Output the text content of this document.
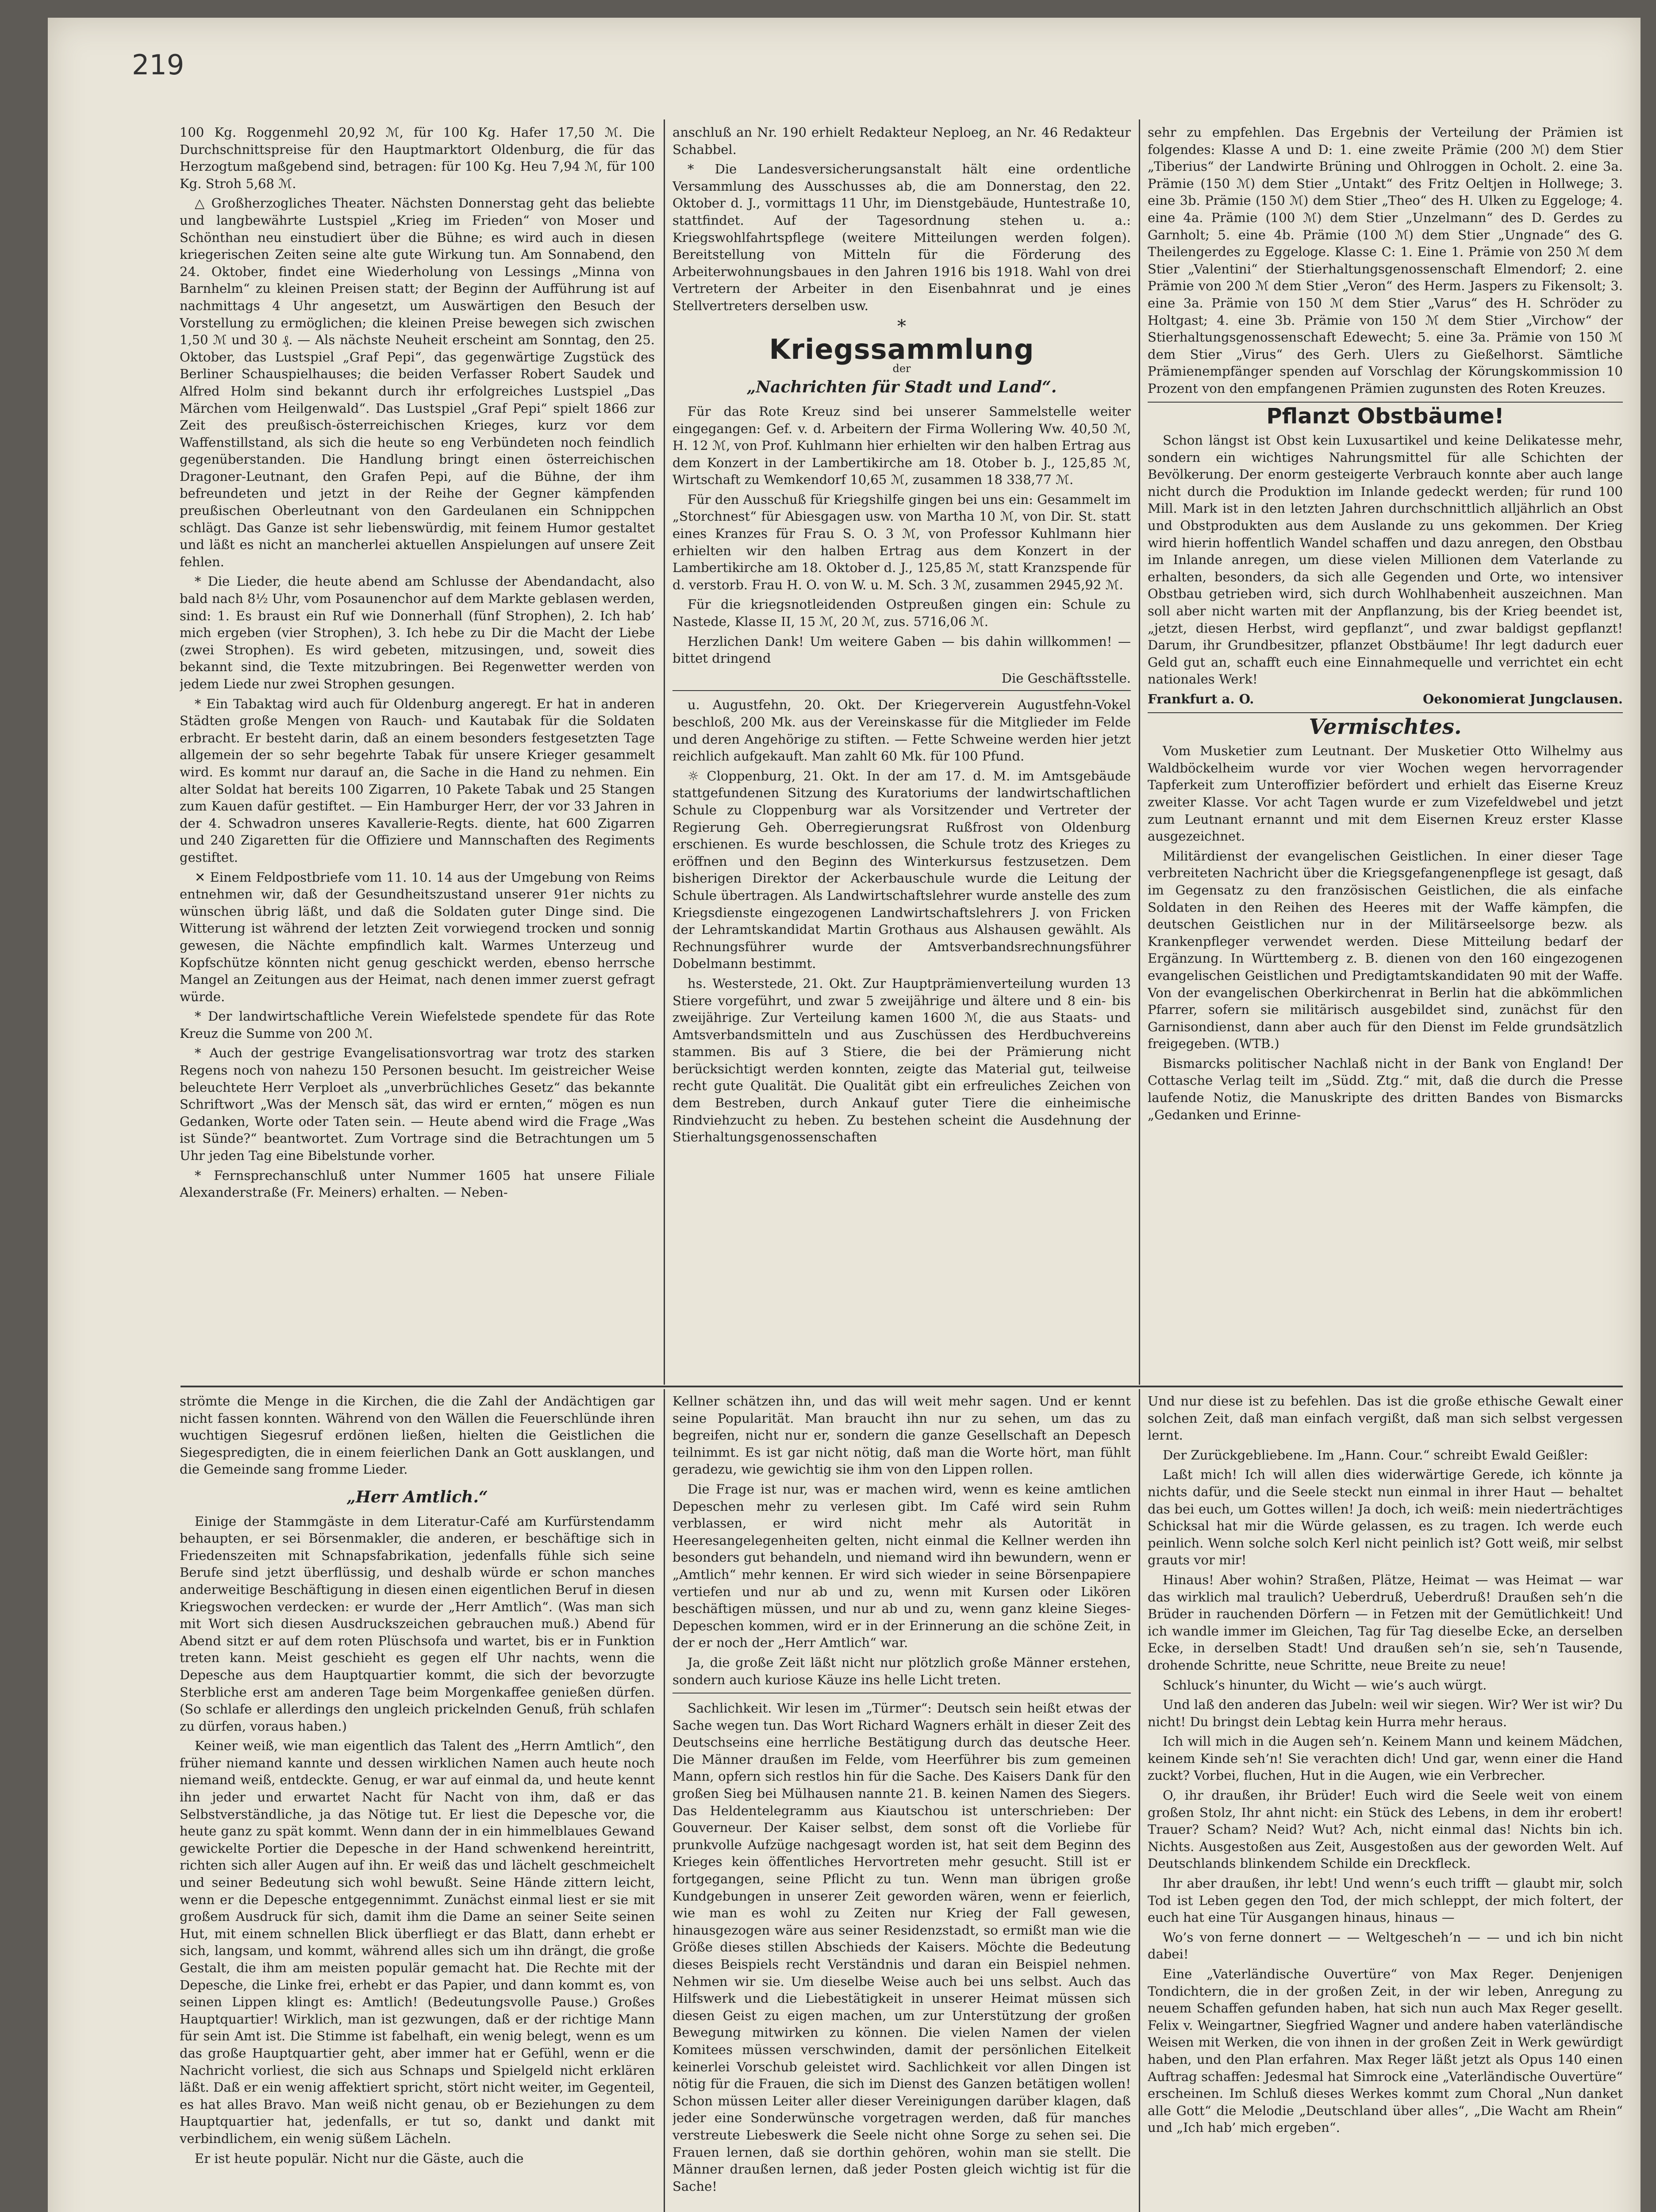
219

100 Kg. Roggenmehl 20,92 ℳ, für 100 Kg. Hafer 17,50 ℳ. Die Durchschnittspreise für den Hauptmarktort Oldenburg, die für das Herzogtum maßgebend sind, betragen: für 100 Kg. Heu 7,94 ℳ, für 100 Kg. Stroh 5,68 ℳ.

△ Großherzogliches Theater. Nächsten Donnerstag geht das beliebte und langbewährte Lustspiel „Krieg im Frieden“ von Moser und Schönthan neu einstudiert über die Bühne; es wird auch in diesen kriegerischen Zeiten seine alte gute Wirkung tun. Am Sonnabend, den 24. Oktober, findet eine Wiederholung von Lessings „Minna von Barnhelm“ zu kleinen Preisen statt; der Beginn der Aufführung ist auf nachmittags 4 Uhr angesetzt, um Auswärtigen den Besuch der Vorstellung zu ermöglichen; die kleinen Preise bewegen sich zwischen 1,50 ℳ und 30 ₰. — Als nächste Neuheit erscheint am Sonntag, den 25. Oktober, das Lustspiel „Graf Pepi“, das gegenwärtige Zugstück des Berliner Schauspielhauses; die beiden Verfasser Robert Saudek und Alfred Holm sind bekannt durch ihr erfolgreiches Lustspiel „Das Märchen vom Heilgenwald“. Das Lustspiel „Graf Pepi“ spielt 1866 zur Zeit des preußisch-österreichischen Krieges, kurz vor dem Waffenstillstand, als sich die heute so eng Verbündeten noch feindlich gegenüberstanden. Die Handlung bringt einen österreichischen Dragoner-Leutnant, den Grafen Pepi, auf die Bühne, der ihm befreundeten und jetzt in der Reihe der Gegner kämpfenden preußischen Oberleutnant von den Gardeulanen ein Schnippchen schlägt. Das Ganze ist sehr liebenswürdig, mit feinem Humor gestaltet und läßt es nicht an mancherlei aktuellen Anspielungen auf unsere Zeit fehlen.

* Die Lieder, die heute abend am Schlusse der Abendandacht, also bald nach 8½ Uhr, vom Posaunenchor auf dem Markte geblasen werden, sind: 1. Es braust ein Ruf wie Donnerhall (fünf Strophen), 2. Ich hab’ mich ergeben (vier Strophen), 3. Ich hebe zu Dir die Macht der Liebe (zwei Strophen). Es wird gebeten, mitzusingen, und, soweit dies bekannt sind, die Texte mitzubringen. Bei Regenwetter werden von jedem Liede nur zwei Strophen gesungen.

* Ein Tabaktag wird auch für Oldenburg angeregt. Er hat in anderen Städten große Mengen von Rauch- und Kautabak für die Soldaten erbracht. Er besteht darin, daß an einem besonders festgesetzten Tage allgemein der so sehr begehrte Tabak für unsere Krieger gesammelt wird. Es kommt nur darauf an, die Sache in die Hand zu nehmen. Ein alter Soldat hat bereits 100 Zigarren, 10 Pakete Tabak und 25 Stangen zum Kauen dafür gestiftet. — Ein Hamburger Herr, der vor 33 Jahren in der 4. Schwadron unseres Kavallerie-Regts. diente, hat 600 Zigarren und 240 Zigaretten für die Offiziere und Mannschaften des Regiments gestiftet.

✕ Einem Feldpostbriefe vom 11. 10. 14 aus der Umgebung von Reims entnehmen wir, daß der Gesundheitszustand unserer 91er nichts zu wünschen übrig läßt, und daß die Soldaten guter Dinge sind. Die Witterung ist während der letzten Zeit vorwiegend trocken und sonnig gewesen, die Nächte empfindlich kalt. Warmes Unterzeug und Kopfschütze könnten nicht genug geschickt werden, ebenso herrsche Mangel an Zeitungen aus der Heimat, nach denen immer zuerst gefragt würde.

* Der landwirtschaftliche Verein Wiefelstede spendete für das Rote Kreuz die Summe von 200 ℳ.

* Auch der gestrige Evangelisationsvortrag war trotz des starken Regens noch von nahezu 150 Personen besucht. Im geistreicher Weise beleuchtete Herr Verploet als „unverbrüchliches Gesetz“ das bekannte Schriftwort „Was der Mensch sät, das wird er ernten,“ mögen es nun Gedanken, Worte oder Taten sein. — Heute abend wird die Frage „Was ist Sünde?“ beantwortet. Zum Vortrage sind die Betrachtungen um 5 Uhr jeden Tag eine Bibelstunde vorher.

* Fernsprechanschluß unter Nummer 1605 hat unsere Filiale Alexanderstraße (Fr. Meiners) erhalten. — Neben-

anschluß an Nr. 190 erhielt Redakteur Neploeg, an Nr. 46 Redakteur Schabbel.

* Die Landesversicherungsanstalt hält eine ordentliche Versammlung des Ausschusses ab, die am Donnerstag, den 22. Oktober d. J., vormittags 11 Uhr, im Dienstgebäude, Huntestraße 10, stattfindet. Auf der Tagesordnung stehen u. a.: Kriegswohlfahrtspflege (weitere Mitteilungen werden folgen). Bereitstellung von Mitteln für die Förderung des Arbeiterwohnungsbaues in den Jahren 1916 bis 1918. Wahl von drei Vertretern der Arbeiter in den Eisenbahnrat und je eines Stellvertreters derselben usw.

*
Kriegssammlung
der
„Nachrichten für Stadt und Land“.

Für das Rote Kreuz sind bei unserer Sammelstelle weiter eingegangen: Gef. v. d. Arbeitern der Firma Wollering Ww. 40,50 ℳ, H. 12 ℳ, von Prof. Kuhlmann hier erhielten wir den halben Ertrag aus dem Konzert in der Lambertikirche am 18. Otober b. J., 125,85 ℳ, Wirtschaft zu Wemkendorf 10,65 ℳ, zusammen 18 338,77 ℳ.

Für den Ausschuß für Kriegshilfe gingen bei uns ein: Gesammelt im „Storchnest“ für Abiesgagen usw. von Martha 10 ℳ, von Dir. St. statt eines Kranzes für Frau S. O. 3 ℳ, von Professor Kuhlmann hier erhielten wir den halben Ertrag aus dem Konzert in der Lambertikirche am 18. Oktober d. J., 125,85 ℳ, statt Kranzspende für d. verstorb. Frau H. O. von W. u. M. Sch. 3 ℳ, zusammen 2945,92 ℳ.

Für die kriegsnotleidenden Ostpreußen gingen ein: Schule zu Nastede, Klasse II, 15 ℳ, 20 ℳ, zus. 5716,06 ℳ.

Herzlichen Dank! Um weitere Gaben — bis dahin willkommen! — bittet dringend

Die Geschäftsstelle.

u. Augustfehn, 20. Okt. Der Kriegerverein Augustfehn-Vokel beschloß, 200 Mk. aus der Vereinskasse für die Mitglieder im Felde und deren Angehörige zu stiften. — Fette Schweine werden hier jetzt reichlich aufgekauft. Man zahlt 60 Mk. für 100 Pfund.

☼ Cloppenburg, 21. Okt. In der am 17. d. M. im Amtsgebäude stattgefundenen Sitzung des Kuratoriums der landwirtschaftlichen Schule zu Cloppenburg war als Vorsitzender und Vertreter der Regierung Geh. Oberregierungsrat Rußfrost von Oldenburg erschienen. Es wurde beschlossen, die Schule trotz des Krieges zu eröffnen und den Beginn des Winterkursus festzusetzen. Dem bisherigen Direktor der Ackerbauschule wurde die Leitung der Schule übertragen. Als Landwirtschaftslehrer wurde anstelle des zum Kriegsdienste eingezogenen Landwirtschaftslehrers J. von Fricken der Lehramtskandidat Martin Grothaus aus Alshausen gewählt. Als Rechnungsführer wurde der Amtsverbandsrechnungsführer Dobelmann bestimmt.

hs. Westerstede, 21. Okt. Zur Hauptprämienverteilung wurden 13 Stiere vorgeführt, und zwar 5 zweijährige und ältere und 8 ein- bis zweijährige. Zur Verteilung kamen 1600 ℳ, die aus Staats- und Amtsverbandsmitteln und aus Zuschüssen des Herdbuchvereins stammen. Bis auf 3 Stiere, die bei der Prämierung nicht berücksichtigt werden konnten, zeigte das Material gut, teilweise recht gute Qualität. Die Qualität gibt ein erfreuliches Zeichen von dem Bestreben, durch Ankauf guter Tiere die einheimische Rindviehzucht zu heben. Zu bestehen scheint die Ausdehnung der Stierhaltungsgenossenschaften

sehr zu empfehlen. Das Ergebnis der Verteilung der Prämien ist folgendes: Klasse A und D: 1. eine zweite Prämie (200 ℳ) dem Stier „Tiberius“ der Landwirte Brüning und Ohlroggen in Ocholt. 2. eine 3a. Prämie (150 ℳ) dem Stier „Untakt“ des Fritz Oeltjen in Hollwege; 3. eine 3b. Prämie (150 ℳ) dem Stier „Theo“ des H. Ulken zu Eggeloge; 4. eine 4a. Prämie (100 ℳ) dem Stier „Unzelmann“ des D. Gerdes zu Garnholt; 5. eine 4b. Prämie (100 ℳ) dem Stier „Ungnade“ des G. Theilengerdes zu Eggeloge. Klasse C: 1. Eine 1. Prämie von 250 ℳ dem Stier „Valentini“ der Stierhaltungsgenossenschaft Elmendorf; 2. eine Prämie von 200 ℳ dem Stier „Veron“ des Herm. Jaspers zu Fikensolt; 3. eine 3a. Prämie von 150 ℳ dem Stier „Varus“ des H. Schröder zu Holtgast; 4. eine 3b. Prämie von 150 ℳ dem Stier „Virchow“ der Stierhaltungsgenossenschaft Edewecht; 5. eine 3a. Prämie von 150 ℳ dem Stier „Virus“ des Gerh. Ulers zu Gießelhorst. Sämtliche Prämienempfänger spenden auf Vorschlag der Körungskommission 10 Prozent von den empfangenen Prämien zugunsten des Roten Kreuzes.

Pflanzt Obstbäume!

Schon längst ist Obst kein Luxusartikel und keine Delikatesse mehr, sondern ein wichtiges Nahrungsmittel für alle Schichten der Bevölkerung. Der enorm gesteigerte Verbrauch konnte aber auch lange nicht durch die Produktion im Inlande gedeckt werden; für rund 100 Mill. Mark ist in den letzten Jahren durchschnittlich alljährlich an Obst und Obstprodukten aus dem Auslande zu uns gekommen. Der Krieg wird hierin hoffentlich Wandel schaffen und dazu anregen, den Obstbau im Inlande anregen, um diese vielen Millionen dem Vaterlande zu erhalten, besonders, da sich alle Gegenden und Orte, wo intensiver Obstbau getrieben wird, sich durch Wohlhabenheit auszeichnen. Man soll aber nicht warten mit der Anpflanzung, bis der Krieg beendet ist, „jetzt, diesen Herbst, wird gepflanzt“, und zwar baldigst gepflanzt! Darum, ihr Grundbesitzer, pflanzet Obstbäume! Ihr legt dadurch euer Geld gut an, schafft euch eine Einnahmequelle und verrichtet ein echt nationales Werk!

Frankfurt a. O.	Oekonomierat Jungclausen.
Vermischtes.

Vom Musketier zum Leutnant. Der Musketier Otto Wilhelmy aus Waldböckelheim wurde vor vier Wochen wegen hervorragender Tapferkeit zum Unteroffizier befördert und erhielt das Eiserne Kreuz zweiter Klasse. Vor acht Tagen wurde er zum Vizefeldwebel und jetzt zum Leutnant ernannt und mit dem Eisernen Kreuz erster Klasse ausgezeichnet.

Militärdienst der evangelischen Geistlichen. In einer dieser Tage verbreiteten Nachricht über die Kriegsgefangenenpflege ist gesagt, daß im Gegensatz zu den französischen Geistlichen, die als einfache Soldaten in den Reihen des Heeres mit der Waffe kämpfen, die deutschen Geistlichen nur in der Militärseelsorge bezw. als Krankenpfleger verwendet werden. Diese Mitteilung bedarf der Ergänzung. In Württemberg z. B. dienen von den 160 eingezogenen evangelischen Geistlichen und Predigtamtskandidaten 90 mit der Waffe. Von der evangelischen Oberkirchenrat in Berlin hat die abkömmlichen Pfarrer, sofern sie militärisch ausgebildet sind, zunächst für den Garnisondienst, dann aber auch für den Dienst im Felde grundsätzlich freigegeben. (WTB.)

Bismarcks politischer Nachlaß nicht in der Bank von England! Der Cottasche Verlag teilt im „Südd. Ztg.“ mit, daß die durch die Presse laufende Notiz, die Manuskripte des dritten Bandes von Bismarcks „Gedanken und Erinne-

strömte die Menge in die Kirchen, die die Zahl der Andächtigen gar nicht fassen konnten. Während von den Wällen die Feuerschlünde ihren wuchtigen Siegesruf erdönen ließen, hielten die Geistlichen die Siegespredigten, die in einem feierlichen Dank an Gott ausklangen, und die Gemeinde sang fromme Lieder.

„Herr Amtlich.“

Einige der Stammgäste in dem Literatur-Café am Kurfürstendamm behaupten, er sei Börsenmakler, die anderen, er beschäftige sich in Friedenszeiten mit Schnapsfabrikation, jedenfalls fühle sich seine Berufe sind jetzt überflüssig, und deshalb würde er schon manches anderweitige Beschäftigung in diesen einen eigentlichen Beruf in diesen Kriegswochen verdecken: er wurde der „Herr Amtlich“. (Was man sich mit Wort sich diesen Ausdruckszeichen gebrauchen muß.) Abend für Abend sitzt er auf dem roten Plüschsofa und wartet, bis er in Funktion treten kann. Meist geschieht es gegen elf Uhr nachts, wenn die Depesche aus dem Hauptquartier kommt, die sich der bevorzugte Sterbliche erst am anderen Tage beim Morgenkaffee genießen dürfen. (So schlafe er allerdings den ungleich prickelnden Genuß, früh schlafen zu dürfen, voraus haben.)

Keiner weiß, wie man eigentlich das Talent des „Herrn Amtlich“, den früher niemand kannte und dessen wirklichen Namen auch heute noch niemand weiß, entdeckte. Genug, er war auf einmal da, und heute kennt ihn jeder und erwartet Nacht für Nacht von ihm, daß er das Selbstverständliche, ja das Nötige tut. Er liest die Depesche vor, die heute ganz zu spät kommt. Wenn dann der in ein himmelblaues Gewand gewickelte Portier die Depesche in der Hand schwenkend hereintritt, richten sich aller Augen auf ihn. Er weiß das und lächelt geschmeichelt und seiner Bedeutung sich wohl bewußt. Seine Hände zittern leicht, wenn er die Depesche entgegennimmt. Zunächst einmal liest er sie mit großem Ausdruck für sich, damit ihm die Dame an seiner Seite seinen Hut, mit einem schnellen Blick überfliegt er das Blatt, dann erhebt er sich, langsam, und kommt, während alles sich um ihn drängt, die große Gestalt, die ihm am meisten populär gemacht hat. Die Rechte mit der Depesche, die Linke frei, erhebt er das Papier, und dann kommt es, von seinen Lippen klingt es: Amtlich! (Bedeutungsvolle Pause.) Großes Hauptquartier! Wirklich, man ist gezwungen, daß er der richtige Mann für sein Amt ist. Die Stimme ist fabelhaft, ein wenig belegt, wenn es um das große Hauptquartier geht, aber immer hat er Gefühl, wenn er die Nachricht vorliest, die sich aus Schnaps und Spielgeld nicht erklären läßt. Daß er ein wenig affektiert spricht, stört nicht weiter, im Gegenteil, es hat alles Bravo. Man weiß nicht genau, ob er Beziehungen zu dem Hauptquartier hat, jedenfalls, er tut so, dankt und dankt mit verbindlichem, ein wenig süßem Lächeln.

Er ist heute populär. Nicht nur die Gäste, auch die

Kellner schätzen ihn, und das will weit mehr sagen. Und er kennt seine Popularität. Man braucht ihn nur zu sehen, um das zu begreifen, nicht nur er, sondern die ganze Gesellschaft an Depesch teilnimmt. Es ist gar nicht nötig, daß man die Worte hört, man fühlt geradezu, wie gewichtig sie ihm von den Lippen rollen.

Die Frage ist nur, was er machen wird, wenn es keine amtlichen Depeschen mehr zu verlesen gibt. Im Café wird sein Ruhm verblassen, er wird nicht mehr als Autorität in Heeresangelegenheiten gelten, nicht einmal die Kellner werden ihn besonders gut behandeln, und niemand wird ihn bewundern, wenn er „Amtlich“ mehr kennen. Er wird sich wieder in seine Börsenpapiere vertiefen und nur ab und zu, wenn mit Kursen oder Likören beschäftigen müssen, und nur ab und zu, wenn ganz kleine Sieges-Depeschen kommen, wird er in der Erinnerung an die schöne Zeit, in der er noch der „Herr Amtlich“ war.

Ja, die große Zeit läßt nicht nur plötzlich große Männer erstehen, sondern auch kuriose Käuze ins helle Licht treten.

Sachlichkeit. Wir lesen im „Türmer“: Deutsch sein heißt etwas der Sache wegen tun. Das Wort Richard Wagners erhält in dieser Zeit des Deutschseins eine herrliche Bestätigung durch das deutsche Heer. Die Männer draußen im Felde, vom Heerführer bis zum gemeinen Mann, opfern sich restlos hin für die Sache. Des Kaisers Dank für den großen Sieg bei Mülhausen nannte 21. B. keinen Namen des Siegers. Das Heldentelegramm aus Kiautschou ist unterschrieben: Der Gouverneur. Der Kaiser selbst, dem sonst oft die Vorliebe für prunkvolle Aufzüge nachgesagt worden ist, hat seit dem Beginn des Krieges kein öffentliches Hervortreten mehr gesucht. Still ist er fortgegangen, seine Pflicht zu tun. Wenn man übrigen große Kundgebungen in unserer Zeit geworden wären, wenn er feierlich, wie man es wohl zu Zeiten nur Krieg der Fall gewesen, hinausgezogen wäre aus seiner Residenzstadt, so ermißt man wie die Größe dieses stillen Abschieds der Kaisers. Möchte die Bedeutung dieses Beispiels recht Verständnis und daran ein Beispiel nehmen. Nehmen wir sie. Um dieselbe Weise auch bei uns selbst. Auch das Hilfswerk und die Liebestätigkeit in unserer Heimat müssen sich diesen Geist zu eigen machen, um zur Unterstützung der großen Bewegung mitwirken zu können. Die vielen Namen der vielen Komitees müssen verschwinden, damit der persönlichen Eitelkeit keinerlei Vorschub geleistet wird. Sachlichkeit vor allen Dingen ist nötig für die Frauen, die sich im Dienst des Ganzen betätigen wollen! Schon müssen Leiter aller dieser Vereinigungen darüber klagen, daß jeder eine Sonderwünsche vorgetragen werden, daß für manches verstreute Liebeswerk die Seele nicht ohne Sorge zu sehen sei. Die Frauen lernen, daß sie dorthin gehören, wohin man sie stellt. Die Männer draußen lernen, daß jeder Posten gleich wichtig ist für die Sache!

Und nur diese ist zu befehlen. Das ist die große ethische Gewalt einer solchen Zeit, daß man einfach vergißt, daß man sich selbst vergessen lernt.

Der Zurückgebliebene. Im „Hann. Cour.“ schreibt Ewald Geißler:

Laßt mich! Ich will allen dies widerwärtige Gerede, ich könnte ja nichts dafür, und die Seele steckt nun einmal in ihrer Haut — behaltet das bei euch, um Gottes willen! Ja doch, ich weiß: mein niederträchtiges Schicksal hat mir die Würde gelassen, es zu tragen. Ich werde euch peinlich. Wenn solche solch Kerl nicht peinlich ist? Gott weiß, mir selbst grauts vor mir!

Hinaus! Aber wohin? Straßen, Plätze, Heimat — was Heimat — war das wirklich mal traulich? Ueberdruß, Ueberdruß! Draußen seh’n die Brüder in rauchenden Dörfern — in Fetzen mit der Gemütlichkeit! Und ich wandle immer im Gleichen, Tag für Tag dieselbe Ecke, an derselben Ecke, in derselben Stadt! Und draußen seh’n sie, seh’n Tausende, drohende Schritte, neue Schritte, neue Breite zu neue!

Schluck’s hinunter, du Wicht — wie’s auch würgt.

Und laß den anderen das Jubeln: weil wir siegen. Wir? Wer ist wir? Du nicht! Du bringst dein Lebtag kein Hurra mehr heraus.

Ich will mich in die Augen seh’n. Keinem Mann und keinem Mädchen, keinem Kinde seh’n! Sie verachten dich! Und gar, wenn einer die Hand zuckt? Vorbei, fluchen, Hut in die Augen, wie ein Verbrecher.

O, ihr draußen, ihr Brüder! Euch wird die Seele weit von einem großen Stolz, Ihr ahnt nicht: ein Stück des Lebens, in dem ihr erobert! Trauer? Scham? Neid? Wut? Ach, nicht einmal das! Nichts bin ich. Nichts. Ausgestoßen aus Zeit, Ausgestoßen aus der geworden Welt. Auf Deutschlands blinkendem Schilde ein Dreckfleck.

Ihr aber draußen, ihr lebt! Und wenn’s euch trifft — glaubt mir, solch Tod ist Leben gegen den Tod, der mich schleppt, der mich foltert, der euch hat eine Tür Ausgangen hinaus, hinaus —

Wo’s von ferne donnert — — Weltgescheh’n — — und ich bin nicht dabei!

Eine „Vaterländische Ouvertüre“ von Max Reger. Denjenigen Tondichtern, die in der großen Zeit, in der wir leben, Anregung zu neuem Schaffen gefunden haben, hat sich nun auch Max Reger gesellt. Felix v. Weingartner, Siegfried Wagner und andere haben vaterländische Weisen mit Werken, die von ihnen in der großen Zeit in Werk gewürdigt haben, und den Plan erfahren. Max Reger läßt jetzt als Opus 140 einen Auftrag schaffen: Jedesmal hat Simrock eine „Vaterländische Ouvertüre“ erscheinen. Im Schluß dieses Werkes kommt zum Choral „Nun danket alle Gott“ die Melodie „Deutschland über alles“, „Die Wacht am Rhein“ und „Ich hab’ mich ergeben“.
